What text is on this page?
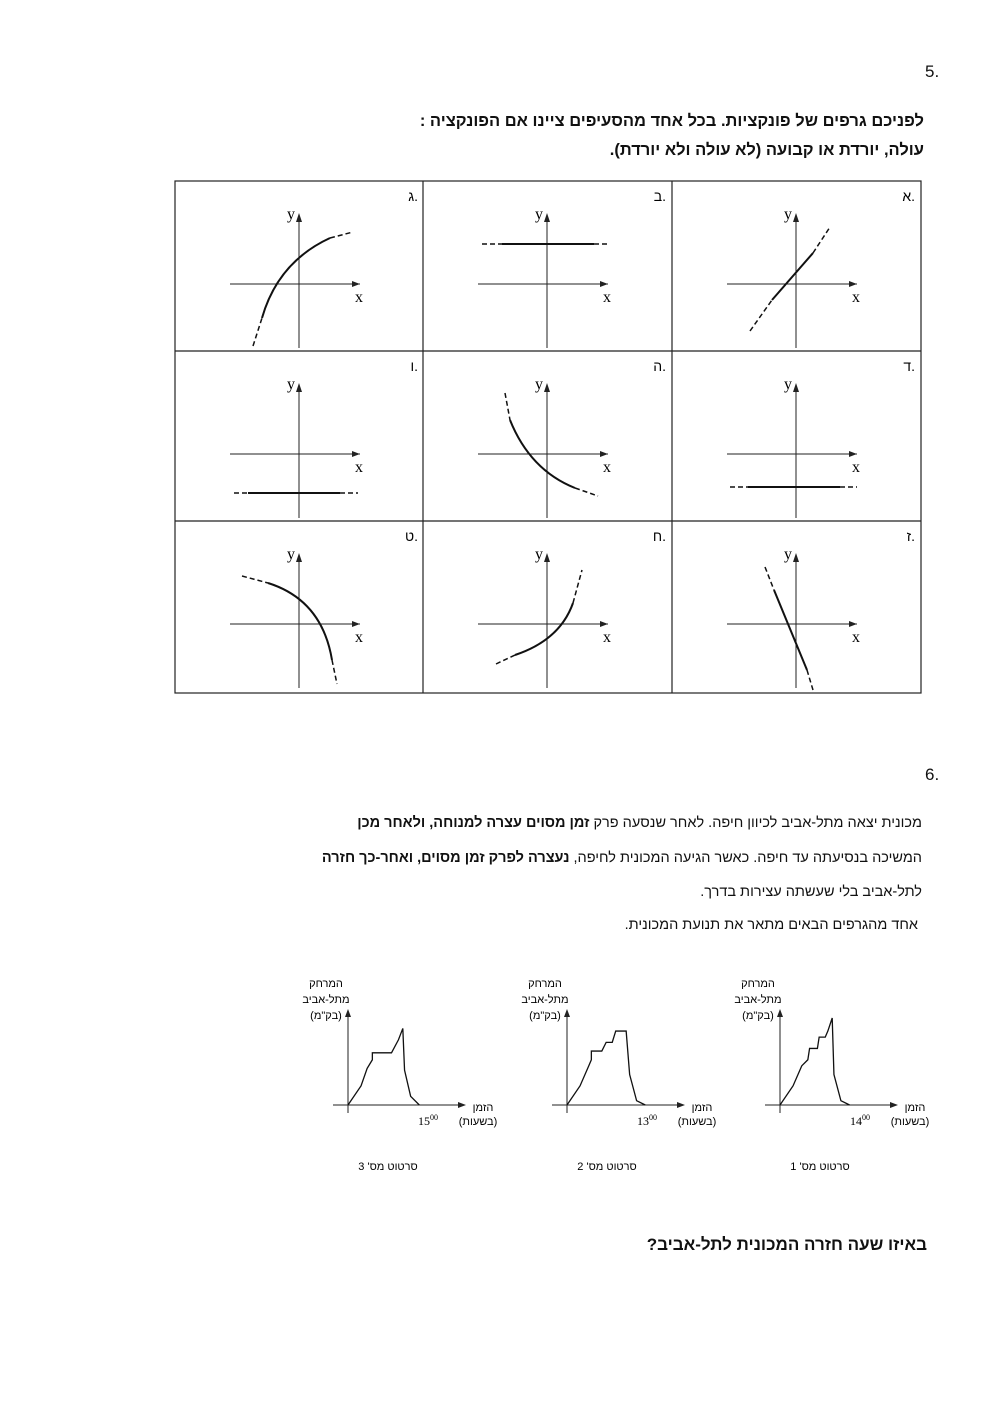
5.
לפניכם גרפים של פונקציות. בכל אחד מהסעיפים ציינו אם הפונקציה :
עולה, יורדת או קבועה (לא עולה ולא יורדת).
א.
x
y
ב.
x
y
ג.
x
y
ד.
x
y
ה.
x
y
ו.
x
y
ז.
x
y
ח.
x
y
ט.
x
y
6.
מכונית יצאה מתל-אביב לכיוון חיפה. לאחר שנסעה פרק זמן מסוים עצרה למנוחה, ולאחר מכן
המשיכה בנסיעתה עד חיפה. כאשר הגיעה המכונית לחיפה, נעצרה לפרק זמן מסוים, ואחר-כך חזרה
לתל-אביב בלי שעשתה עצירות בדרך.
אחד מהגרפים הבאים מתאר את תנועת המכונית.
המרחק
מתל-אביב
(בק"מ)
הזמן
(בשעות)
$14^{00}$
סרטוט מס' 1
המרחק
מתל-אביב
(בק"מ)
הזמן
(בשעות)
$13^{00}$
סרטוט מס' 2
המרחק
מתל-אביב
(בק"מ)
הזמן
(בשעות)
$15^{00}$
סרטוט מס' 3
באיזו שעה חזרה המכונית לתל-אביב?
